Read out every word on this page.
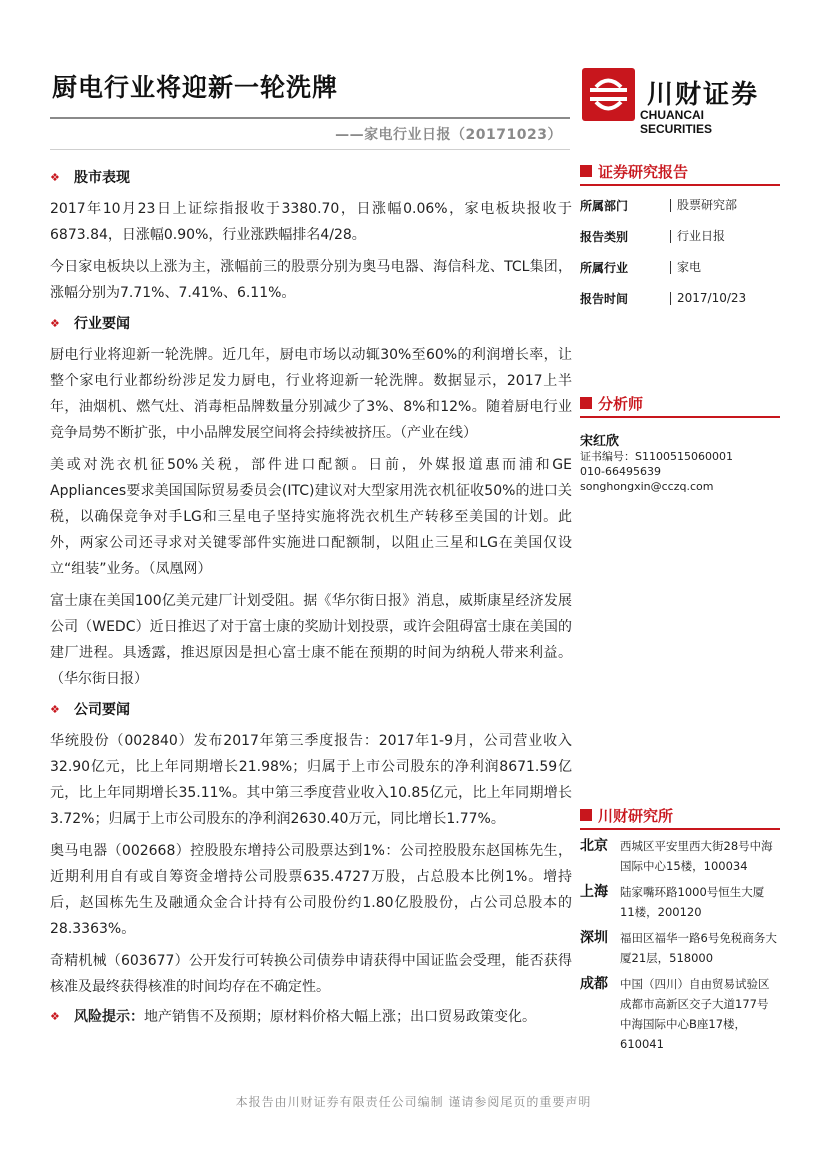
厨电行业将迎新一轮洗牌
——家电行业日报（20171023）
川财证券
CHUANCAI SECURITIES
❖	股市表现

2017年10月23日上证综指报收于3380.70，日涨幅0.06%，家电板块报收于6873.84，日涨幅0.90%，行业涨跌幅排名4/28。

今日家电板块以上涨为主，涨幅前三的股票分别为奥马电器、海信科龙、TCL集团，涨幅分别为7.71%、7.41%、6.11%。

❖	行业要闻

厨电行业将迎新一轮洗牌。近几年，厨电市场以动辄30%至60%的利润增长率，让整个家电行业都纷纷涉足发力厨电，行业将迎新一轮洗牌。数据显示，2017上半年，油烟机、燃气灶、消毒柜品牌数量分别减少了3%、8%和12%。随着厨电行业竞争局势不断扩张，中小品牌发展空间将会持续被挤压。（产业在线）

美或对洗衣机征50%关税，部件进口配额。日前，外媒报道惠而浦和GE Appliances要求美国国际贸易委员会(ITC)建议对大型家用洗衣机征收50%的进口关税，以确保竞争对手LG和三星电子坚持实施将洗衣机生产转移至美国的计划。此外，两家公司还寻求对关键零部件实施进口配额制，以阻止三星和LG在美国仅设立“组装”业务。（凤凰网）

富士康在美国100亿美元建厂计划受阻。据《华尔街日报》消息，威斯康星经济发展公司（WEDC）近日推迟了对于富士康的奖励计划投票，或许会阻碍富士康在美国的建厂进程。具透露，推迟原因是担心富士康不能在预期的时间为纳税人带来利益。（华尔街日报）

❖	公司要闻

华统股份（002840）发布2017年第三季度报告：2017年1-9月，公司营业收入32.90亿元，比上年同期增长21.98%；归属于上市公司股东的净利润8671.59亿元，比上年同期增长35.11%。其中第三季度营业收入10.85亿元，比上年同期增长3.72%；归属于上市公司股东的净利润2630.40万元，同比增长1.77%。

奥马电器（002668）控股股东增持公司股票达到1%：公司控股股东赵国栋先生，近期利用自有或自筹资金增持公司股票635.4727万股，占总股本比例1%。增持后，赵国栋先生及融通众金合计持有公司股份约1.80亿股股份，占公司总股本的28.3363%。

奇精机械（603677）公开发行可转换公司债券申请获得中国证监会受理，能否获得核准及最终获得核准的时间均存在不确定性。

❖	风险提示：地产销售不及预期；原材料价格大幅上涨；出口贸易政策变化。
证券研究报告
所属部门	股票研究部
报告类别	行业日报
所属行业	家电
报告时间	2017/10/23
分析师
宋红欣
证书编号：S1100515060001
010-66495639
songhongxin@cczq.com
川财研究所
北京	西城区平安里西大街28号中海国际中心15楼，100034
上海	陆家嘴环路1000号恒生大厦11楼，200120
深圳	福田区福华一路6号免税商务大厦21层，518000
成都	中国（四川）自由贸易试验区成都市高新区交子大道177号中海国际中心B座17楼，610041
本报告由川财证券有限责任公司编制 谨请参阅尾页的重要声明
